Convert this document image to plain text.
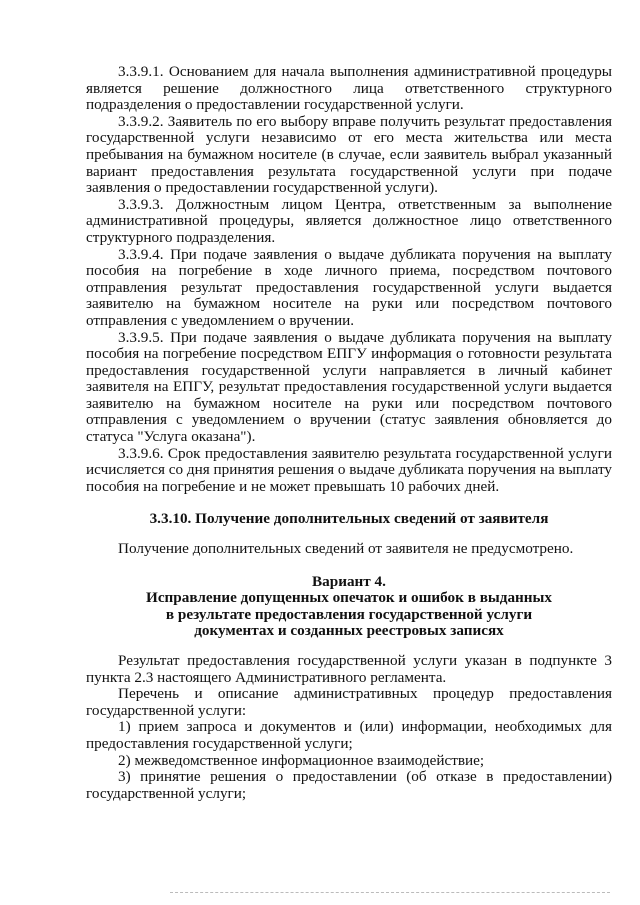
3.3.9.1. Основанием для начала выполнения административной процедуры является решение должностного лица ответственного структурного подразделения о предоставлении государственной услуги.

3.3.9.2. Заявитель по его выбору вправе получить результат предоставления государственной услуги независимо от его места жительства или места пребывания на бумажном носителе (в случае, если заявитель выбрал указанный вариант предоставления результата государственной услуги при подаче заявления о предоставлении государственной услуги).

3.3.9.3. Должностным лицом Центра, ответственным за выполнение административной процедуры, является должностное лицо ответственного структурного подразделения.

3.3.9.4. При подаче заявления о выдаче дубликата поручения на выплату пособия на погребение в ходе личного приема, посредством почтового отправления результат предоставления государственной услуги выдается заявителю на бумажном носителе на руки или посредством почтового отправления с уведомлением о вручении.

3.3.9.5. При подаче заявления о выдаче дубликата поручения на выплату пособия на погребение посредством ЕПГУ информация о готовности результата предоставления государственной услуги направляется в личный кабинет заявителя на ЕПГУ, результат предоставления государственной услуги выдается заявителю на бумажном носителе на руки или посредством почтового отправления с уведомлением о вручении (статус заявления обновляется до статуса "Услуга оказана").

3.3.9.6. Срок предоставления заявителю результата государственной услуги исчисляется со дня принятия решения о выдаче дубликата поручения на выплату пособия на погребение и не может превышать 10 рабочих дней.

3.3.10. Получение дополнительных сведений от заявителя

Получение дополнительных сведений от заявителя не предусмотрено.

Вариант 4.

Исправление допущенных опечаток и ошибок в выданных

в результате предоставления государственной услуги

документах и созданных реестровых записях

Результат предоставления государственной услуги указан в подпункте 3 пункта 2.3 настоящего Административного регламента.

Перечень и описание административных процедур предоставления государственной услуги:

1) прием запроса и документов и (или) информации, необходимых для предоставления государственной услуги;

2) межведомственное информационное взаимодействие;

3) принятие решения о предоставлении (об отказе в предоставлении) государственной услуги;
